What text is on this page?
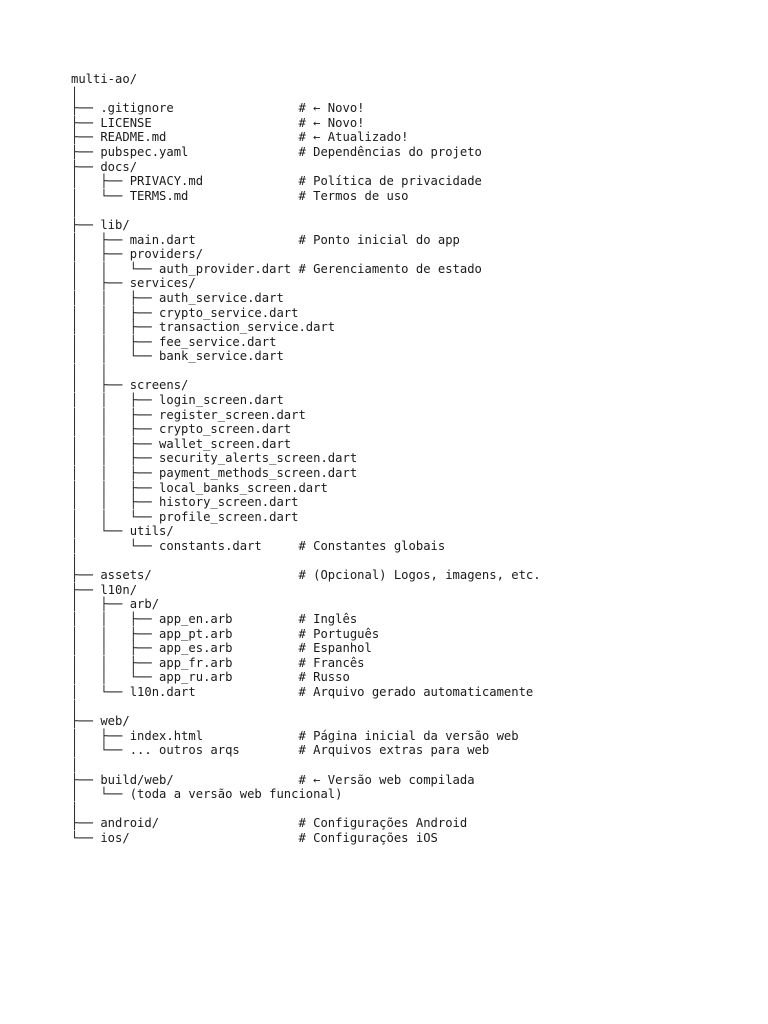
multi-ao/
│
├── .gitignore                 # ← Novo!
├── LICENSE                    # ← Novo!
├── README.md                  # ← Atualizado!
├── pubspec.yaml               # Dependências do projeto
├── docs/
│   ├── PRIVACY.md             # Política de privacidade
│   └── TERMS.md               # Termos de uso
│
├── lib/
│   ├── main.dart              # Ponto inicial do app
│   ├── providers/
│   │   └── auth_provider.dart # Gerenciamento de estado
│   ├── services/
│   │   ├── auth_service.dart
│   │   ├── crypto_service.dart
│   │   ├── transaction_service.dart
│   │   ├── fee_service.dart
│   │   └── bank_service.dart
│   │
│   ├── screens/
│   │   ├── login_screen.dart
│   │   ├── register_screen.dart
│   │   ├── crypto_screen.dart
│   │   ├── wallet_screen.dart
│   │   ├── security_alerts_screen.dart
│   │   ├── payment_methods_screen.dart
│   │   ├── local_banks_screen.dart
│   │   ├── history_screen.dart
│   │   └── profile_screen.dart
│   └── utils/
│       └── constants.dart     # Constantes globais
│
├── assets/                    # (Opcional) Logos, imagens, etc.
├── l10n/
│   ├── arb/
│   │   ├── app_en.arb         # Inglês
│   │   ├── app_pt.arb         # Português
│   │   ├── app_es.arb         # Espanhol
│   │   ├── app_fr.arb         # Francês
│   │   └── app_ru.arb         # Russo
│   └── l10n.dart              # Arquivo gerado automaticamente
│
├── web/
│   ├── index.html             # Página inicial da versão web
│   └── ... outros arqs        # Arquivos extras para web
│
├── build/web/                 # ← Versão web compilada
│   └── (toda a versão web funcional)
│
├── android/                   # Configurações Android
└── ios/                       # Configurações iOS
